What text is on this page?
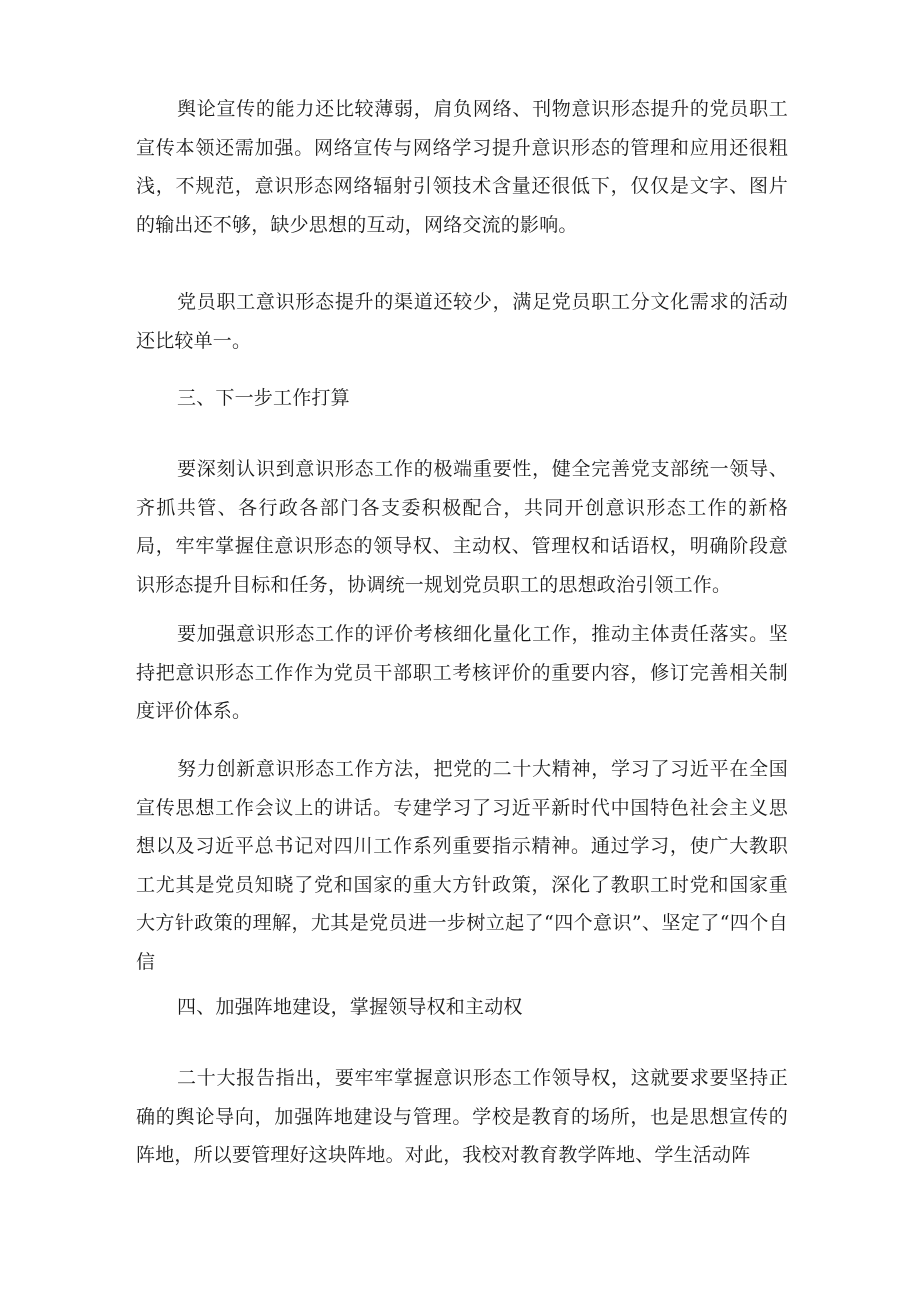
舆论宣传的能力还比较薄弱，肩负网络、刊物意识形态提升的党员职工宣传本领还需加强。网络宣传与网络学习提升意识形态的管理和应用还很粗浅，不规范，意识形态网络辐射引领技术含量还很低下，仅仅是文字、图片的输出还不够，缺少思想的互动，网络交流的影响。

党员职工意识形态提升的渠道还较少，满足党员职工分文化需求的活动还比较单一。

三、下一步工作打算

要深刻认识到意识形态工作的极端重要性，健全完善党支部统一领导、齐抓共管、各行政各部门各支委积极配合，共同开创意识形态工作的新格局，牢牢掌握住意识形态的领导权、主动权、管理权和话语权，明确阶段意识形态提升目标和任务，协调统一规划党员职工的思想政治引领工作。

要加强意识形态工作的评价考核细化量化工作，推动主体责任落实。坚持把意识形态工作作为党员干部职工考核评价的重要内容，修订完善相关制度评价体系。

努力创新意识形态工作方法，把党的二十大精神，学习了习近平在全国宣传思想工作会议上的讲话。专建学习了习近平新时代中国特色社会主义思想以及习近平总书记对四川工作系列重要指示精神。通过学习，使广大教职工尤其是党员知晓了党和国家的重大方针政策，深化了教职工时党和国家重大方针政策的理解，尤其是党员进一步树立起了“四个意识”、坚定了“四个自信

四、加强阵地建设，掌握领导权和主动权

二十大报告指出，要牢牢掌握意识形态工作领导权，这就要求要坚持正确的舆论导向，加强阵地建设与管理。学校是教育的场所，也是思想宣传的阵地，所以要管理好这块阵地。对此，我校对教育教学阵地、学生活动阵
